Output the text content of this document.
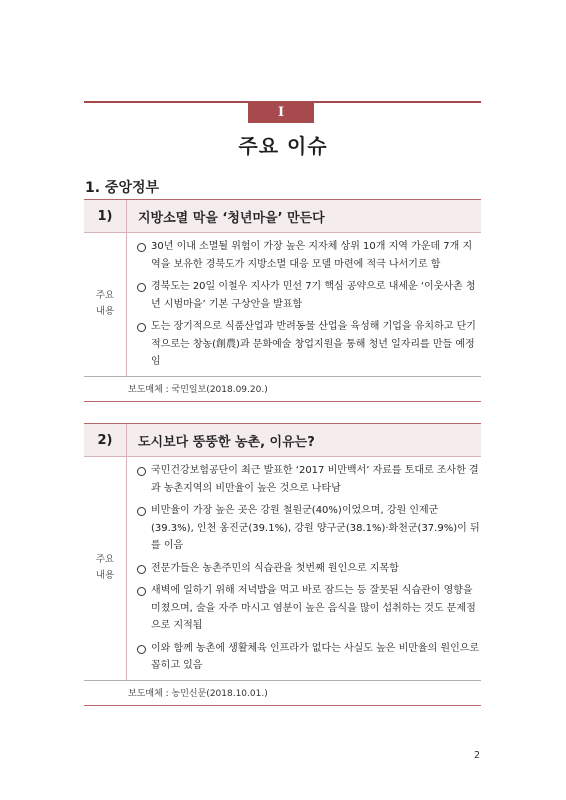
I
주요 이슈
1. 중앙정부
1)	지방소멸 막을 ‘청년마을’ 만든다
주요 내용
30년 이내 소멸될 위험이 가장 높은 지자체 상위 10개 지역 가운데 7개 지역을 보유한 경북도가 지방소멸 대응 모델 마련에 적극 나서기로 함
경북도는 20일 이철우 지사가 민선 7기 핵심 공약으로 내세운 ‘이웃사촌 청년 시범마을’ 기본 구상안을 발표함
도는 장기적으로 식품산업과 반려동물 산업을 육성해 기업을 유치하고 단기적으로는 창농(創農)과 문화예술 창업지원을 통해 청년 일자리를 만들 예정임
보도매체 : 국민일보(2018.09.20.)
2)	도시보다 뚱뚱한 농촌, 이유는?
주요 내용
국민건강보험공단이 최근 발표한 ‘2017 비만백서’ 자료를 토대로 조사한 결과 농촌지역의 비만율이 높은 것으로 나타남
비만율이 가장 높은 곳은 강원 철원군(40%)이었으며, 강원 인제군(39.3%), 인천 옹진군(39.1%), 강원 양구군(38.1%)·화천군(37.9%)이 뒤를 이음
전문가들은 농촌주민의 식습관을 첫번째 원인으로 지목함
새벽에 일하기 위해 저녁밥을 먹고 바로 잠드는 등 잘못된 식습관이 영향을 미쳤으며, 술을 자주 마시고 염분이 높은 음식을 많이 섭취하는 것도 문제점으로 지적됨
이와 함께 농촌에 생활체육 인프라가 없다는 사실도 높은 비만율의 원인으로 꼽히고 있음
보도매체 : 농민신문(2018.10.01.)
2
